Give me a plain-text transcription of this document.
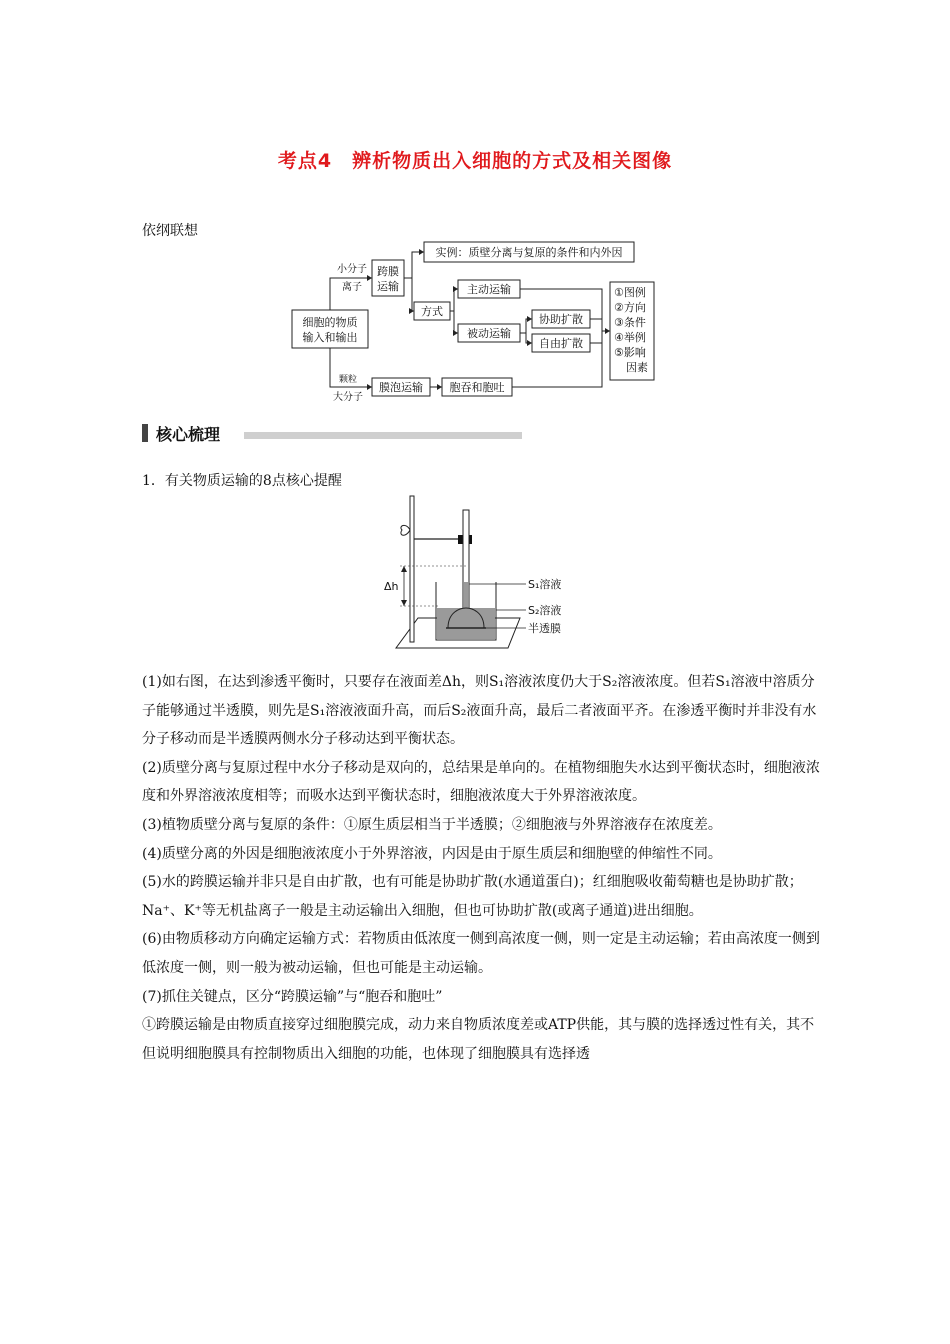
考点4　辨析物质出入细胞的方式及相关图像
依纲联想
细胞的物质
输入和输出
小分子
离子
跨膜
运输
实例：质壁分离与复原的条件和内外因
方式
主动运输
被动运输
协助扩散
自由扩散
①图例
②方向
③条件
④举例
⑤影响
因素
颗粒
大分子
膜泡运输 胞吞和胞吐
核心梳理
1．有关物质运输的8点核心提醒
Δh	S₁溶液
S₂溶液
半透膜

(1)如右图，在达到渗透平衡时，只要存在液面差Δh，则S₁溶液浓度仍大于S₂溶液浓度。但若S₁溶液中溶质分子能够通过半透膜，则先是S₁溶液液面升高，而后S₂液面升高，最后二者液面平齐。在渗透平衡时并非没有水分子移动而是半透膜两侧水分子移动达到平衡状态。

(2)质壁分离与复原过程中水分子移动是双向的，总结果是单向的。在植物细胞失水达到平衡状态时，细胞液浓度和外界溶液浓度相等；而吸水达到平衡状态时，细胞液浓度大于外界溶液浓度。

(3)植物质壁分离与复原的条件：①原生质层相当于半透膜；②细胞液与外界溶液存在浓度差。

(4)质壁分离的外因是细胞液浓度小于外界溶液，内因是由于原生质层和细胞壁的伸缩性不同。

(5)水的跨膜运输并非只是自由扩散，也有可能是协助扩散(水通道蛋白)；红细胞吸收葡萄糖也是协助扩散；Na⁺、K⁺等无机盐离子一般是主动运输出入细胞，但也可协助扩散(或离子通道)进出细胞。

(6)由物质移动方向确定运输方式：若物质由低浓度一侧到高浓度一侧，则一定是主动运输；若由高浓度一侧到低浓度一侧，则一般为被动运输，但也可能是主动运输。

(7)抓住关键点，区分“跨膜运输”与“胞吞和胞吐”

①跨膜运输是由物质直接穿过细胞膜完成，动力来自物质浓度差或ATP供能，其与膜的选择透过性有关，其不但说明细胞膜具有控制物质出入细胞的功能，也体现了细胞膜具有选择透
